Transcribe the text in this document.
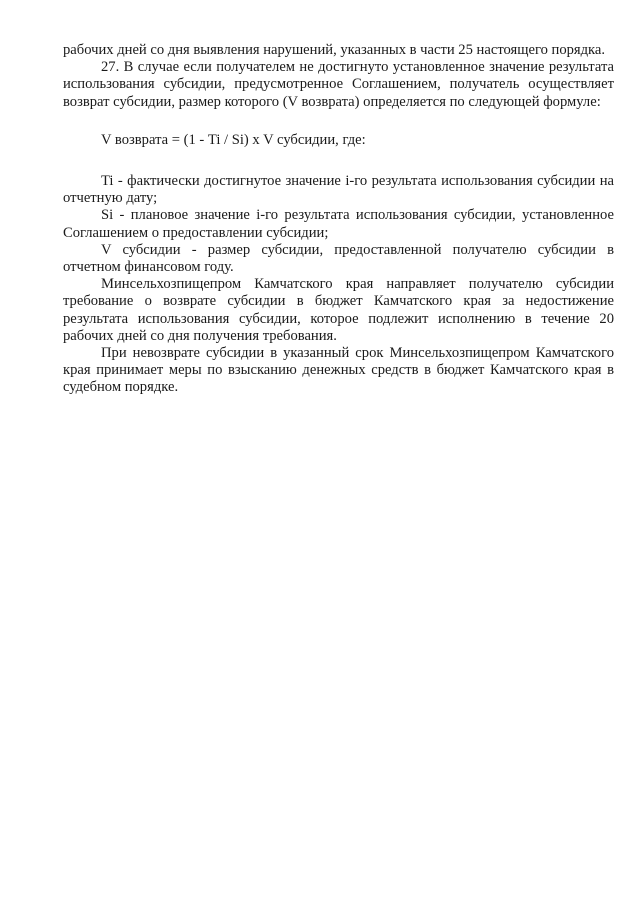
рабочих дней со дня выявления нарушений, указанных в части 25 настоящего порядка.

27. В случае если получателем не достигнуто установленное значение результата использования субсидии, предусмотренное Соглашением, получатель осуществляет возврат субсидии, размер которого (V возврата) определяется по следующей формуле:

V возврата = (1 - Ti / Si) x V субсидии, где:

Ti - фактически достигнутое значение i-го результата использования субсидии на отчетную дату;

Si - плановое значение i-го результата использования субсидии, установленное Соглашением о предоставлении субсидии;

V субсидии - размер субсидии, предоставленной получателю субсидии в отчетном финансовом году.

Минсельхозпищепром Камчатского края направляет получателю субсидии требование о возврате субсидии в бюджет Камчатского края за недостижение результата использования субсидии, которое подлежит исполнению в течение 20 рабочих дней со дня получения требования.

При невозврате субсидии в указанный срок Минсельхозпищепром Камчатского края принимает меры по взысканию денежных средств в бюджет Камчатского края в судебном порядке.
